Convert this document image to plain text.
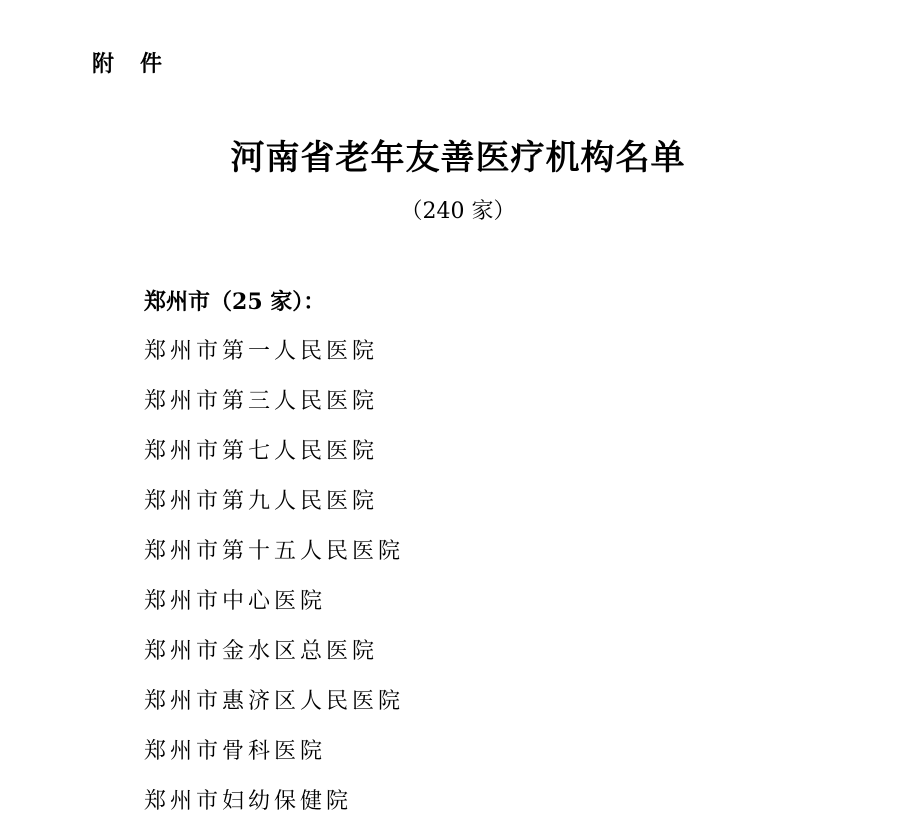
附件
河南省老年友善医疗机构名单
（240 家）
郑州市（25 家）：
郑州市第一人民医院
郑州市第三人民医院
郑州市第七人民医院
郑州市第九人民医院
郑州市第十五人民医院
郑州市中心医院
郑州市金水区总医院
郑州市惠济区人民医院
郑州市骨科医院
郑州市妇幼保健院
